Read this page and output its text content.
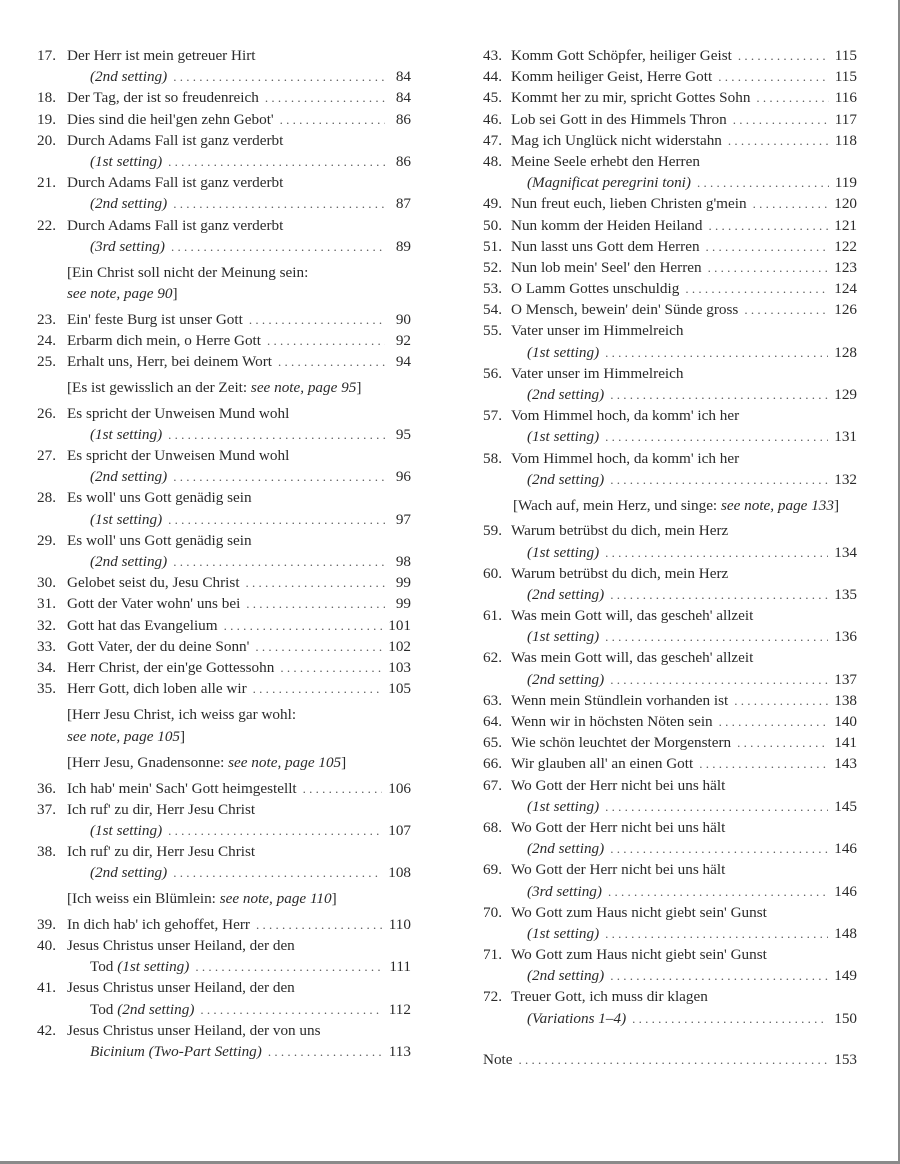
17. Der Herr ist mein getreuer Hirt
(2nd setting) . . .	84
18. Der Tag, der ist so freudenreich . . .	84
19. Dies sind die heil'gen zehn Gebot' . . .	86
20. Durch Adams Fall ist ganz verderbt
(1st setting) . . .	86
21. Durch Adams Fall ist ganz verderbt
(2nd setting) . . .	87
22. Durch Adams Fall ist ganz verderbt
(3rd setting) . . .	89
[Ein Christ soll nicht der Meinung sein:
see note, page 90]
23. Ein' feste Burg ist unser Gott . . .	90
24. Erbarm dich mein, o Herre Gott . . .	92
25. Erhalt uns, Herr, bei deinem Wort . . .	94
[Es ist gewisslich an der Zeit: see note, page 95]
26. Es spricht der Unweisen Mund wohl
(1st setting) . . .	95
27. Es spricht der Unweisen Mund wohl
(2nd setting) . . .	96
28. Es woll' uns Gott genädig sein
(1st setting) . . .	97
29. Es woll' uns Gott genädig sein
(2nd setting) . . .	98
30. Gelobet seist du, Jesu Christ . . .	99
31. Gott der Vater wohn' uns bei . . .	99
32. Gott hat das Evangelium . . .	101
33. Gott Vater, der du deine Sonn' . . .	102
34. Herr Christ, der ein'ge Gottessohn . . .	103
35. Herr Gott, dich loben alle wir . . .	105
[Herr Jesu Christ, ich weiss gar wohl:
see note, page 105]
[Herr Jesu, Gnadensonne: see note, page 105]
36. Ich hab' mein' Sach' Gott heimgestellt . . .	106
37. Ich ruf' zu dir, Herr Jesu Christ
(1st setting) . . .	107
38. Ich ruf' zu dir, Herr Jesu Christ
(2nd setting) . . .	108
[Ich weiss ein Blümlein: see note, page 110]
39. In dich hab' ich gehoffet, Herr . . .	110
40. Jesus Christus unser Heiland, der den
Tod (1st setting) . . .	111
41. Jesus Christus unser Heiland, der den
Tod (2nd setting) . . .	112
42. Jesus Christus unser Heiland, der von uns
Bicinium (Two-Part Setting) . . .	113
43. Komm Gott Schöpfer, heiliger Geist . . .	115
44. Komm heiliger Geist, Herre Gott . . .	115
45. Kommt her zu mir, spricht Gottes Sohn . . .	116
46. Lob sei Gott in des Himmels Thron . . .	117
47. Mag ich Unglück nicht widerstahn . . .	118
48. Meine Seele erhebt den Herren
(Magnificat peregrini toni) . . .	119
49. Nun freut euch, lieben Christen g'mein . . .	120
50. Nun komm der Heiden Heiland . . .	121
51. Nun lasst uns Gott dem Herren . . .	122
52. Nun lob mein' Seel' den Herren . . .	123
53. O Lamm Gottes unschuldig . . .	124
54. O Mensch, bewein' dein' Sünde gross . . .	126
55. Vater unser im Himmelreich
(1st setting) . . .	128
56. Vater unser im Himmelreich
(2nd setting) . . .	129
57. Vom Himmel hoch, da komm' ich her
(1st setting) . . .	131
58. Vom Himmel hoch, da komm' ich her
(2nd setting) . . .	132
[Wach auf, mein Herz, und singe: see note, page 133]
59. Warum betrübst du dich, mein Herz
(1st setting) . . .	134
60. Warum betrübst du dich, mein Herz
(2nd setting) . . .	135
61. Was mein Gott will, das gescheh' allzeit
(1st setting) . . .	136
62. Was mein Gott will, das gescheh' allzeit
(2nd setting) . . .	137
63. Wenn mein Stündlein vorhanden ist . . .	138
64. Wenn wir in höchsten Nöten sein . . .	140
65. Wie schön leuchtet der Morgenstern . . .	141
66. Wir glauben all' an einen Gott . . .	143
67. Wo Gott der Herr nicht bei uns hält
(1st setting) . . .	145
68. Wo Gott der Herr nicht bei uns hält
(2nd setting) . . .	146
69. Wo Gott der Herr nicht bei uns hält
(3rd setting) . . .	146
70. Wo Gott zum Haus nicht giebt sein' Gunst
(1st setting) . . .	148
71. Wo Gott zum Haus nicht giebt sein' Gunst
(2nd setting) . . .	149
72. Treuer Gott, ich muss dir klagen
(Variations 1–4) . . .	150
Note . . .	153
